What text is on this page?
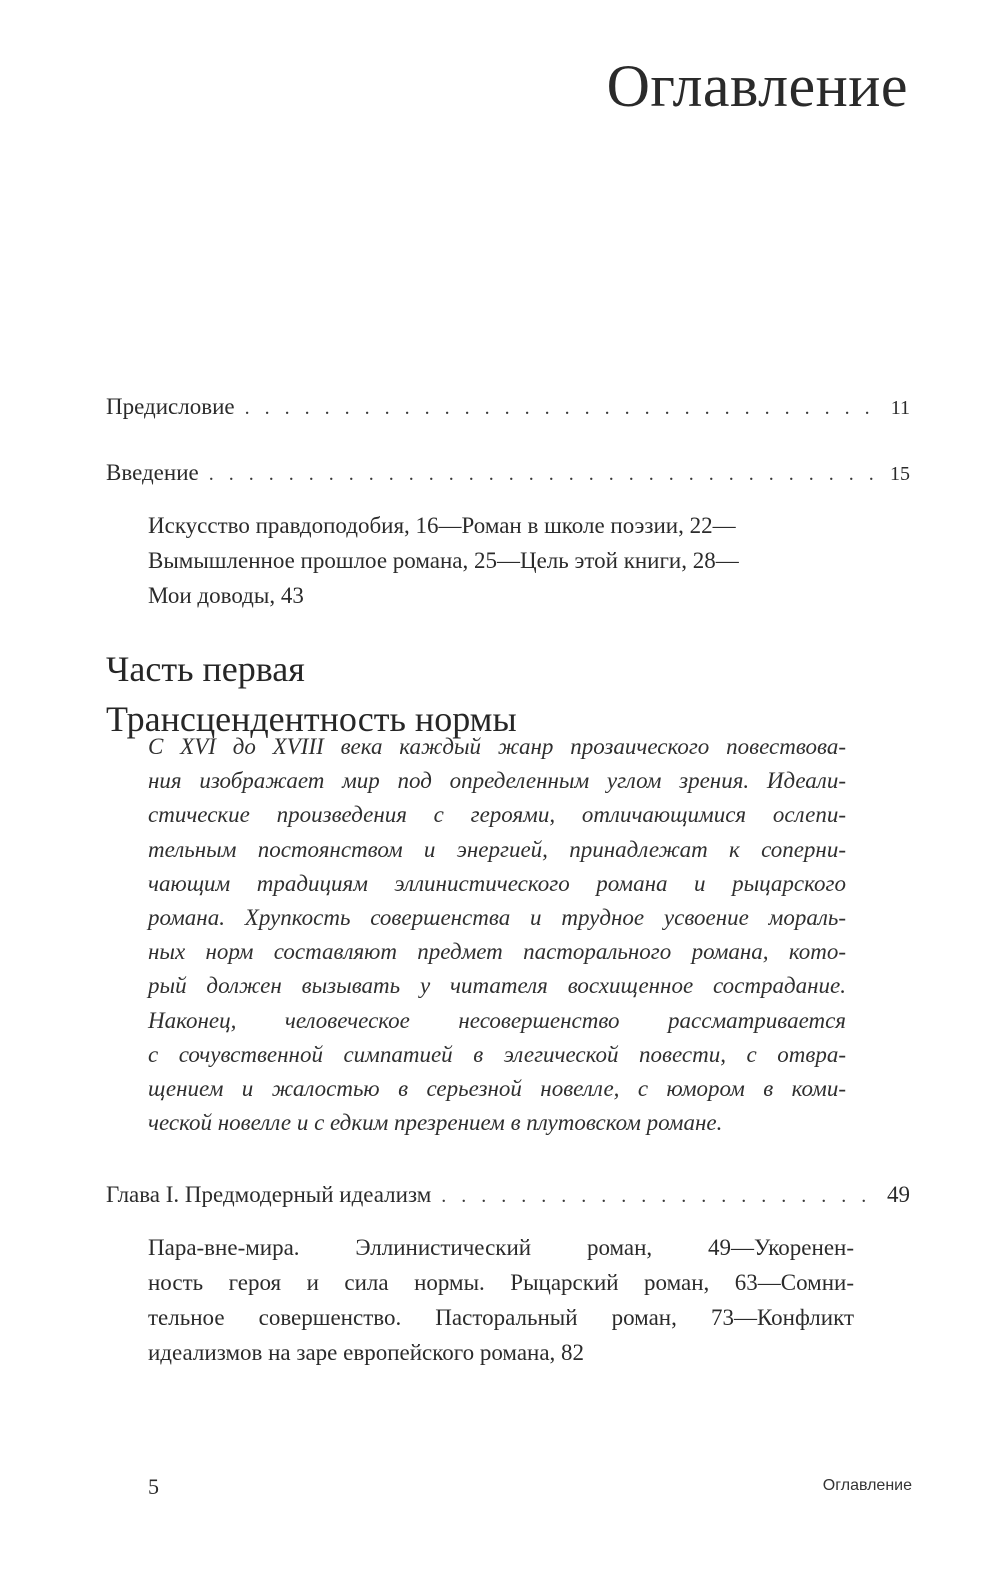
Оглавление
Предисловие . . .	11
Введение . . .	15
Искусство правдоподобия, 16—Роман в школе поэзии, 22—
Вымышленное прошлое романа, 25—Цель этой книги, 28—
Мои доводы, 43
Часть первая
Трансцендентность нормы

С XVI до XVIII века каждый жанр прозаического повествова-
ния изображает мир под определенным углом зрения. Идеали-
стические произведения с героями, отличающимися ослепи-
тельным постоянством и энергией, принадлежат к соперни-
чающим традициям эллинистического романа и рыцарского
романа. Хрупкость совершенства и трудное усвоение мораль-
ных норм составляют предмет пасторального романа, кото-
рый должен вызывать у читателя восхищенное сострадание.
Наконец, человеческое несовершенство рассматривается
с сочувственной симпатией в элегической повести, с отвра-
щением и жалостью в серьезной новелле, с юмором в коми-
ческой новелле и с едким презрением в плутовском романе.

Глава I. Предмодерный идеализм . . .	49
Пара-вне-мира. Эллинистический роман, 49—Укоренен-
ность героя и сила нормы. Рыцарский роман, 63—Сомни-
тельное совершенство. Пасторальный роман, 73—Конфликт
идеализмов на заре европейского романа, 82
5	Оглавление
